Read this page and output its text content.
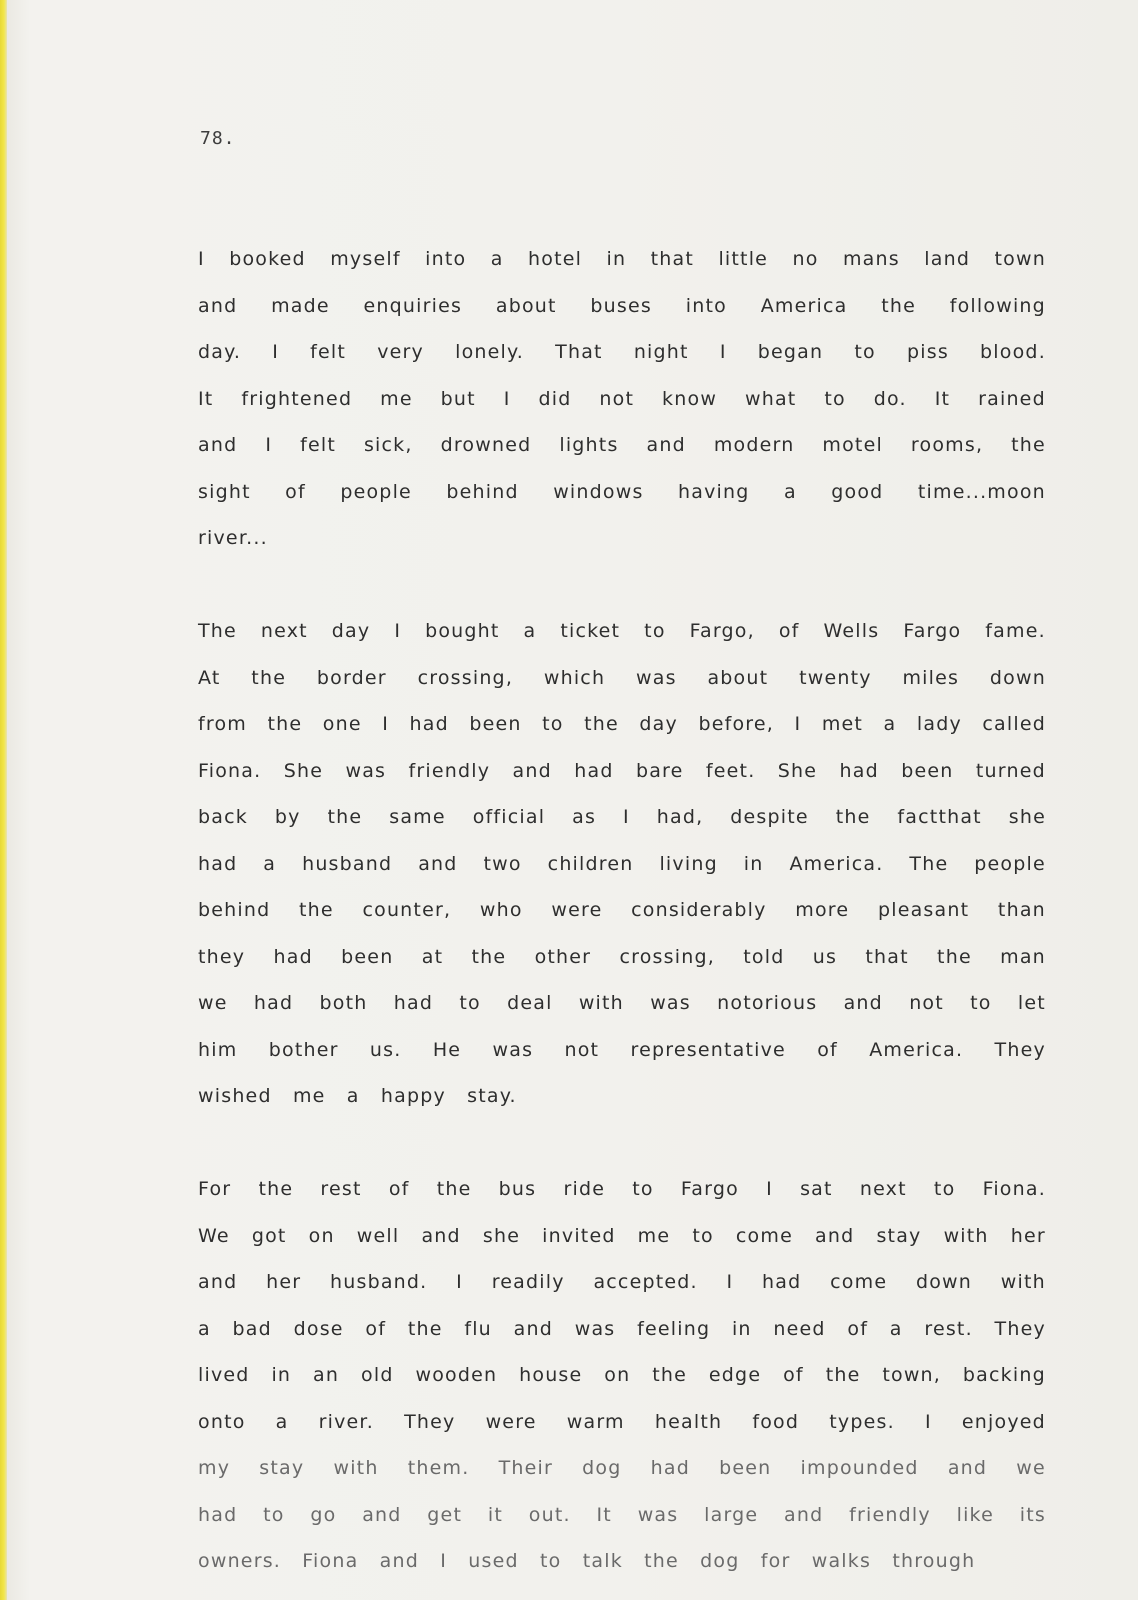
78.
I booked myself into a hotel in that little no mans land town
and made enquiries about buses into America the following
day. I felt very lonely. That night I began to piss blood.
It frightened me but I did not know what to do. It rained
and I felt sick, drowned lights and modern motel rooms, the
sight of people behind windows having a good time...moon
river...
The next day I bought a ticket to Fargo, of Wells Fargo fame.
At the border crossing, which was about twenty miles down
from the one I had been to the day before, I met a lady called
Fiona. She was friendly and had bare feet. She had been turned
back by the same official as I had, despite the factthat she
had a husband and two children living in America. The people
behind the counter, who were considerably more pleasant than
they had been at the other crossing, told us that the man
we had both had to deal with was notorious and not to let
him bother us. He was not representative of America. They
wished me a happy stay.
For the rest of the bus ride to Fargo I sat next to Fiona.
We got on well and she invited me to come and stay with her
and her husband. I readily accepted. I had come down with
a bad dose of the flu and was feeling in need of a rest. They
lived in an old wooden house on the edge of the town, backing
onto a river. They were warm health food types. I enjoyed
my stay with them. Their dog had been impounded and we
had to go and get it out. It was large and friendly like its
owners. Fiona and I used to talk the dog for walks through
